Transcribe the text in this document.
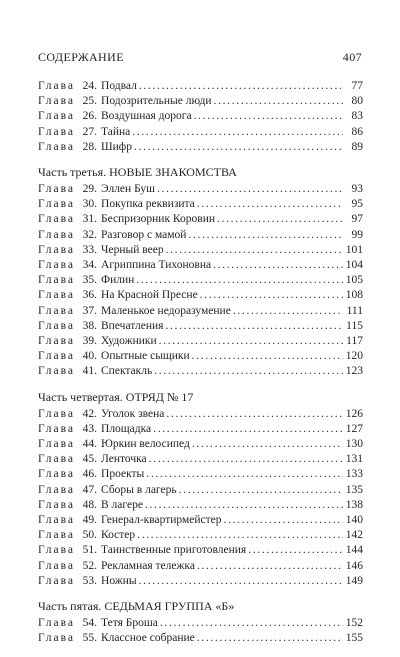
СОДЕРЖАНИЕ	407
Глава 24. Подвал . . .	77
Глава 25. Подозрительные люди . . .	80
Глава 26. Воздушная дорога . . .	83
Глава 27. Тайна . . .	86
Глава 28. Шифр . . .	89
Часть третья. НОВЫЕ ЗНАКОМСТВА
Глава 29. Эллен Буш . . .	93
Глава 30. Покупка реквизита . . .	95
Глава 31. Беспризорник Коровин . . .	97
Глава 32. Разговор с мамой . . .	99
Глава 33. Черный веер . . .	101
Глава 34. Агриппина Тихоновна . . .	104
Глава 35. Филин . . .	105
Глава 36. На Красной Пресне . . .	108
Глава 37. Маленькое недоразумение . . .	111
Глава 38. Впечатления . . .	115
Глава 39. Художники . . .	117
Глава 40. Опытные сыщики . . .	120
Глава 41. Спектакль . . .	123
Часть четвертая. ОТРЯД № 17
Глава 42. Уголок звена . . .	126
Глава 43. Площадка . . .	127
Глава 44. Юркин велосипед . . .	130
Глава 45. Ленточка . . .	131
Глава 46. Проекты . . .	133
Глава 47. Сборы в лагерь . . .	135
Глава 48. В лагере . . .	138
Глава 49. Генерал-квартирмейстер . . .	140
Глава 50. Костер . . .	142
Глава 51. Таинственные приготовления . . .	144
Глава 52. Рекламная тележка . . .	146
Глава 53. Ножны . . .	149
Часть пятая. СЕДЬМАЯ ГРУППА «Б»
Глава 54. Тетя Броша . . .	152
Глава 55. Классное собрание . . .	155
